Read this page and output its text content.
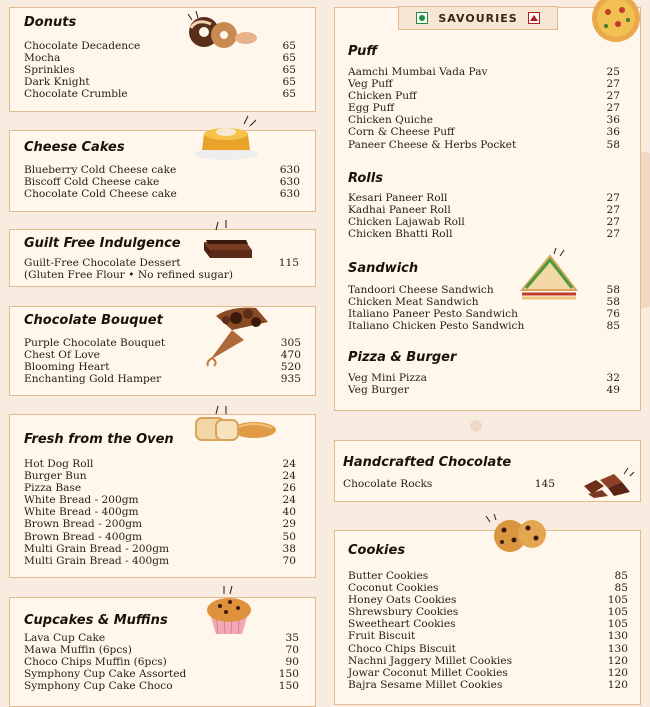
Donuts
Chocolate Decadence	65
Mocha	65
Sprinkles	65
Dark Knight	65
Chocolate Crumble	65
Cheese Cakes
Blueberry Cold Cheese cake	630
Biscoff Cold Cheese cake	630
Chocolate Cold Cheese cake	630
Guilt Free Indulgence
Guilt-Free Chocolate Dessert	115
(Gluten Free Flour • No refined sugar)
Chocolate Bouquet
Purple Chocolate Bouquet	305
Chest Of Love	470
Blooming Heart	520
Enchanting Gold Hamper	935
Fresh from the Oven
Hot Dog Roll	24
Burger Bun	24
Pizza Base	26
White Bread - 200gm	24
White Bread - 400gm	40
Brown Bread - 200gm	29
Brown Bread - 400gm	50
Multi Grain Bread - 200gm	38
Multi Grain Bread - 400gm	70
Cupcakes & Muffins
Lava Cup Cake	35
Mawa Muffin (6pcs)	70
Choco Chips Muffin (6pcs)	90
Symphony Cup Cake Assorted	150
Symphony Cup Cake Choco	150
SAVOURIES
Puff
Aamchi Mumbai Vada Pav	25
Veg Puff	27
Chicken Puff	27
Egg Puff	27
Chicken Quiche	36
Corn & Cheese Puff	36
Paneer Cheese & Herbs Pocket	58
Rolls
Kesari Paneer Roll	27
Kadhai Paneer Roll	27
Chicken Lajawab Roll	27
Chicken Bhatti Roll	27
Sandwich
Tandoori Cheese Sandwich	58
Chicken Meat Sandwich	58
Italiano Paneer Pesto Sandwich	76
Italiano Chicken Pesto Sandwich	85
Pizza & Burger
Veg Mini Pizza	32
Veg Burger	49
Handcrafted Chocolate
Chocolate Rocks	145
Cookies
Butter Cookies	85
Coconut Cookies	85
Honey Oats Cookies	105
Shrewsbury Cookies	105
Sweetheart Cookies	105
Fruit Biscuit	130
Choco Chips Biscuit	130
Nachni Jaggery Millet Cookies	120
Jowar Coconut Millet Cookies	120
Bajra Sesame Millet Cookies	120
